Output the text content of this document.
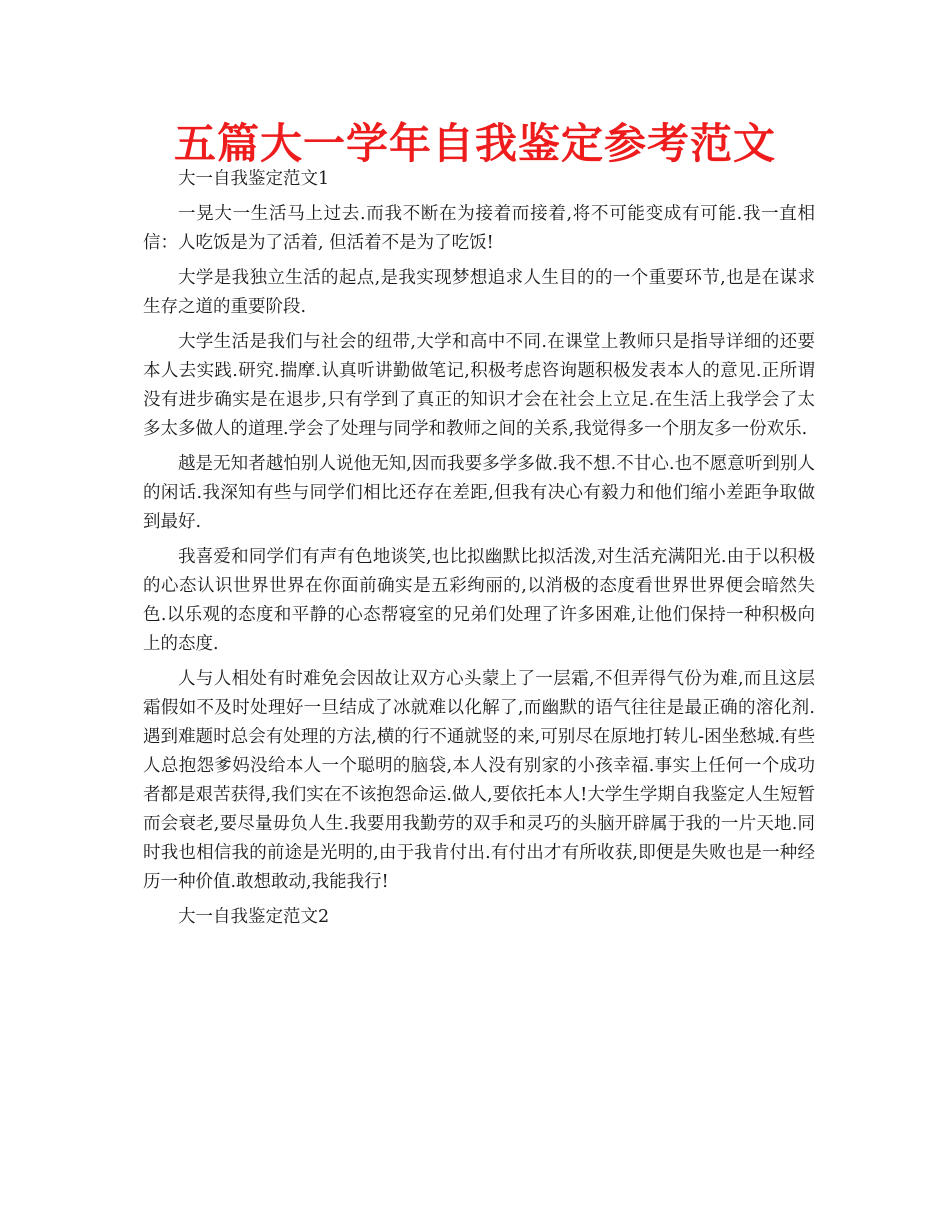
五篇大一学年自我鉴定参考范文

大一自我鉴定范文1

一晃大一生活马上过去.而我不断在为接着而接着,将不可能变成有可能.我一直相信：人吃饭是为了活着, 但活着不是为了吃饭!

大学是我独立生活的起点,是我实现梦想追求人生目的的一个重要环节,也是在谋求生存之道的重要阶段.

大学生活是我们与社会的纽带,大学和高中不同.在课堂上教师只是指导详细的还要本人去实践.研究.揣摩.认真听讲勤做笔记,积极考虑咨询题积极发表本人的意见.正所谓没有进步确实是在退步,只有学到了真正的知识才会在社会上立足.在生活上我学会了太多太多做人的道理.学会了处理与同学和教师之间的关系,我觉得多一个朋友多一份欢乐.

越是无知者越怕别人说他无知,因而我要多学多做.我不想.不甘心.也不愿意听到别人的闲话.我深知有些与同学们相比还存在差距,但我有决心有毅力和他们缩小差距争取做到最好.

我喜爱和同学们有声有色地谈笑,也比拟幽默比拟活泼,对生活充满阳光.由于以积极的心态认识世界世界在你面前确实是五彩绚丽的,以消极的态度看世界世界便会暗然失色.以乐观的态度和平静的心态帮寝室的兄弟们处理了许多困难,让他们保持一种积极向上的态度.

人与人相处有时难免会因故让双方心头蒙上了一层霜,不但弄得气份为难,而且这层霜假如不及时处理好一旦结成了冰就难以化解了,而幽默的语气往往是最正确的溶化剂.遇到难题时总会有处理的方法,横的行不通就竖的来,可别尽在原地打转儿-困坐愁城.有些人总抱怨爹妈没给本人一个聪明的脑袋,本人没有别家的小孩幸福.事实上任何一个成功者都是艰苦获得,我们实在不该抱怨命运.做人,要依托本人!大学生学期自我鉴定人生短暂而会衰老,要尽量毋负人生.我要用我勤劳的双手和灵巧的头脑开辟属于我的一片天地.同时我也相信我的前途是光明的,由于我肯付出.有付出才有所收获,即便是失败也是一种经历一种价值.敢想敢动,我能我行!

大一自我鉴定范文2
